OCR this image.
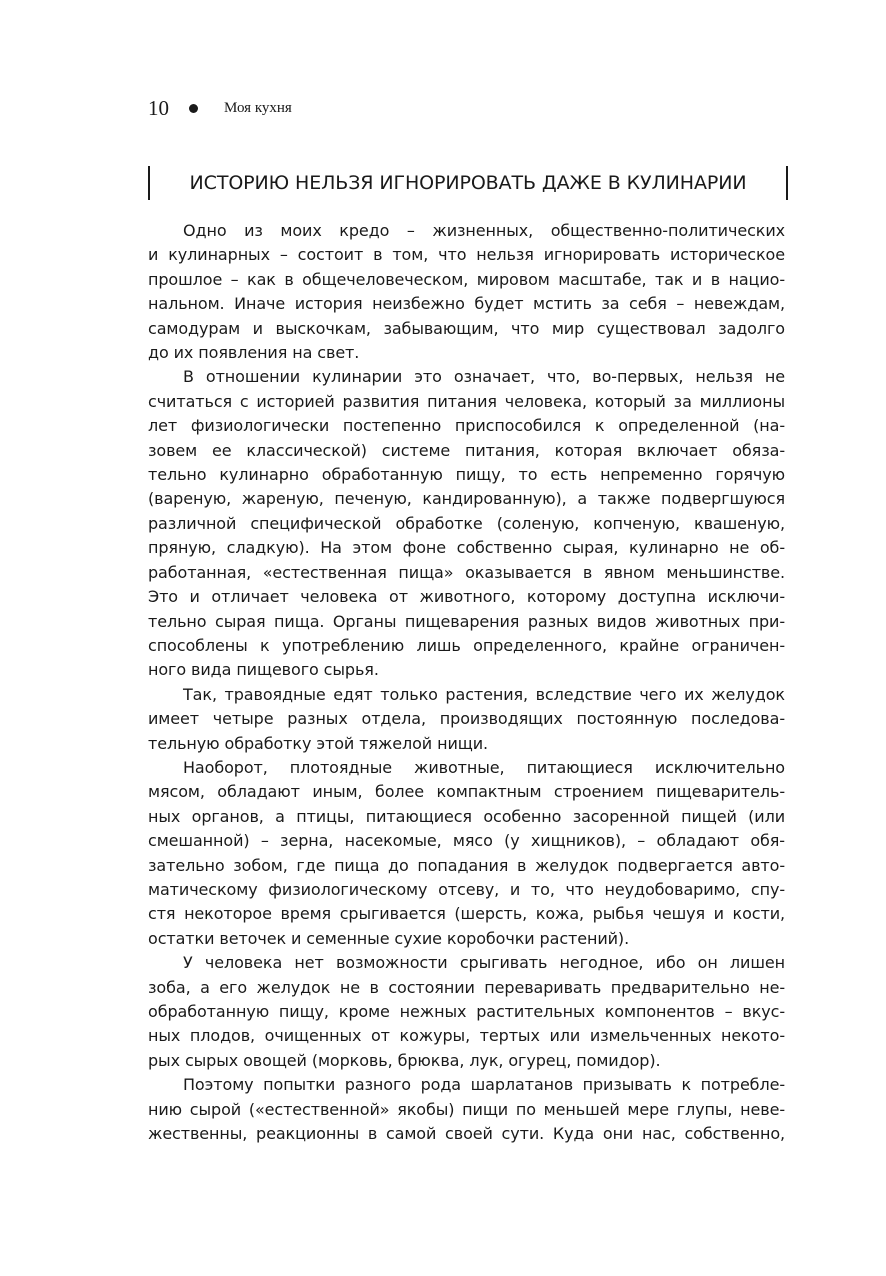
10	Моя кухня
ИСТОРИЮ НЕЛЬЗЯ ИГНОРИРОВАТЬ ДАЖЕ В КУЛИНАРИИ
Одно из моих кредо – жизненных, общественно-политических
и кулинарных – состоит в том, что нельзя игнорировать историческое
прошлое – как в общечеловеческом, мировом масштабе, так и в нацио-
нальном. Иначе история неизбежно будет мстить за себя – невеждам,
самодурам и выскочкам, забывающим, что мир существовал задолго
до их появления на свет.
В отношении кулинарии это означает, что, во-первых, нельзя не
считаться с историей развития питания человека, который за миллионы
лет физиологически постепенно приспособился к определенной (на-
зовем ее классической) системе питания, которая включает обяза-
тельно кулинарно обработанную пищу, то есть непременно горячую
(вареную, жареную, печеную, кандированную), а также подвергшуюся
различной специфической обработке (соленую, копченую, квашеную,
пряную, сладкую). На этом фоне собственно сырая, кулинарно не об-
работанная, «естественная пища» оказывается в явном меньшинстве.
Это и отличает человека от животного, которому доступна исключи-
тельно сырая пища. Органы пищеварения разных видов животных при-
способлены к употреблению лишь определенного, крайне ограничен-
ного вида пищевого сырья.
Так, травоядные едят только растения, вследствие чего их желудок
имеет четыре разных отдела, производящих постоянную последова-
тельную обработку этой тяжелой нищи.
Наоборот, плотоядные животные, питающиеся исключительно
мясом, обладают иным, более компактным строением пищеваритель-
ных органов, а птицы, питающиеся особенно засоренной пищей (или
смешанной) – зерна, насекомые, мясо (у хищников), – обладают обя-
зательно зобом, где пища до попадания в желудок подвергается авто-
матическому физиологическому отсеву, и то, что неудобоваримо, спу-
стя некоторое время срыгивается (шерсть, кожа, рыбья чешуя и кости,
остатки веточек и семенные сухие коробочки растений).
У человека нет возможности срыгивать негодное, ибо он лишен
зоба, а его желудок не в состоянии переваривать предварительно не-
обработанную пищу, кроме нежных растительных компонентов – вкус-
ных плодов, очищенных от кожуры, тертых или измельченных некото-
рых сырых овощей (морковь, брюква, лук, огурец, помидор).
Поэтому попытки разного рода шарлатанов призывать к потребле-
нию сырой («естественной» якобы) пищи по меньшей мере глупы, неве-
жественны, реакционны в самой своей сути. Куда они нас, собственно,
